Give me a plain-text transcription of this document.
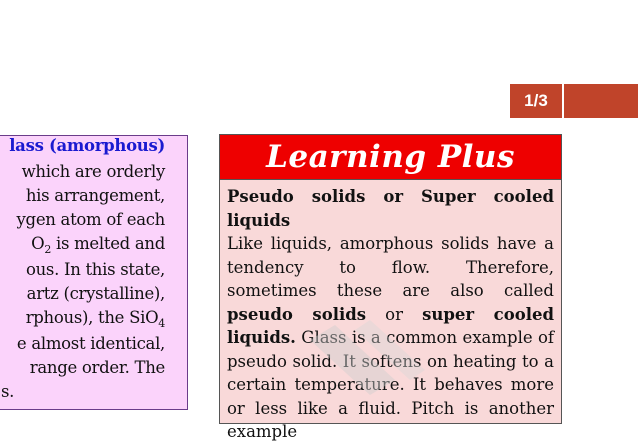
1/3
lass (amorphous)
which are orderly
his arrangement,
ygen atom of each
$O_2$ is melted and
ous. In this state,
artz (crystalline),
rphous), the SiO$_4$
e almost identical,
range order. The
s.
Learning Plus

Pseudo solids or Super cooled liquids

Like liquids, amorphous solids have a tendency to flow. Therefore, sometimes these are also called pseudo solids or super cooled liquids. Glass is a common example of pseudo solid. It softens on heating to a certain temperature. It behaves more or less like a fluid. Pitch is another example
